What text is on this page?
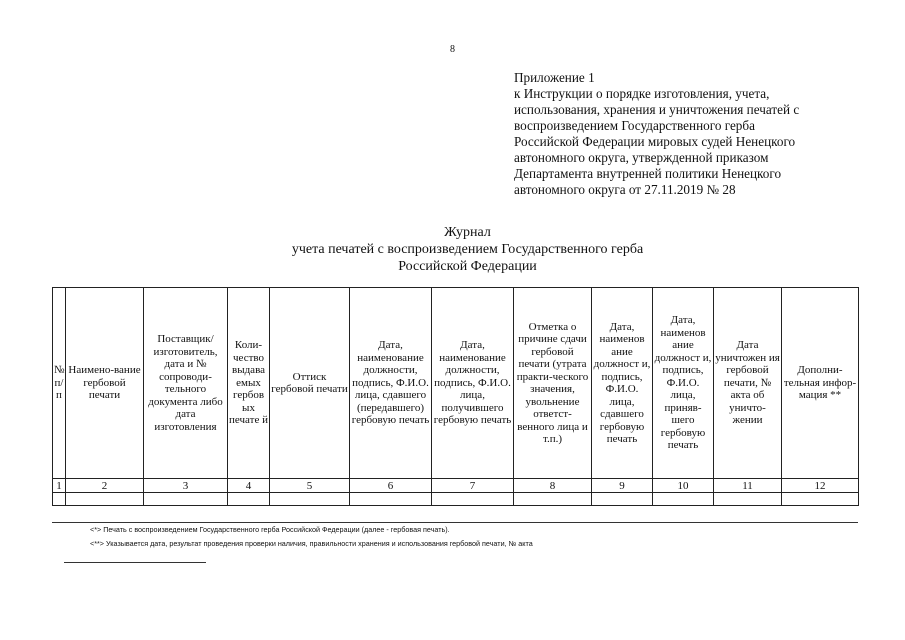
8
Приложение 1
к Инструкции о порядке изготовления, учета,
использования, хранения и уничтожения печатей с
воспроизведением Государственного герба
Российской Федерации мировых судей Ненецкого
автономного округа, утвержденной приказом
Департамента внутренней политики Ненецкого
автономного округа от 27.11.2019 № 28
Журнал
учета печатей с воспроизведением Государственного герба
Российской Федерации
№ п/п	Наимено-вание гербовой печати	Поставщик/ изготовитель, дата и № сопроводи-тельного документа либо дата изготовления	Коли-чество выдава емых гербов ых печате й	Оттиск гербовой печати	Дата, наименование должности, подпись, Ф.И.О. лица, сдавшего (передавшего) гербовую печать	Дата, наименование должности, подпись, Ф.И.О. лица, получившего гербовую печать	Отметка о причине сдачи гербовой печати (утрата практи-ческого значения, увольнение ответст-венного лица и т.п.)	Дата, наименов ание должност и, подпись, Ф.И.О. лица, сдавшего гербовую печать	Дата, наименов ание должност и, подпись, Ф.И.О. лица, приняв-шего гербовую печать	Дата уничтожен ия гербовой печати, № акта об уничто-жении	Дополни-тельная инфор-мация **
1	2	3	4	5	6	7	8	9	10	11	12

<*> Печать с воспроизведением Государственного герба Российской Федерации (далее - гербовая печать).
<**> Указывается дата, результат проведения проверки наличия, правильности хранения и использования гербовой печати, № акта
